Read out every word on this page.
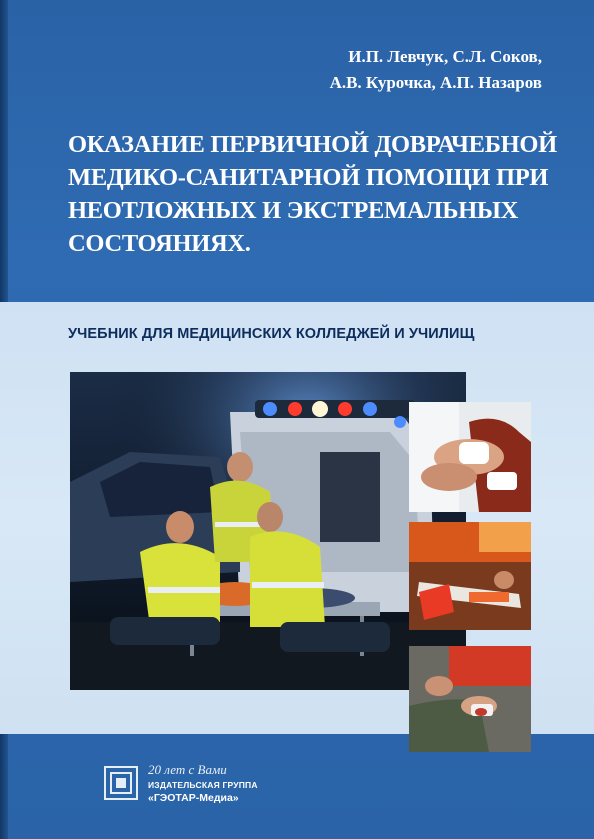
И.П. Левчук, С.Л. Соков,
А.В. Курочка, А.П. Назаров
ОКАЗАНИЕ ПЕРВИЧНОЙ ДОВРАЧЕБНОЙ
МЕДИКО-САНИТАРНОЙ ПОМОЩИ ПРИ
НЕОТЛОЖНЫХ И ЭКСТРЕМАЛЬНЫХ
СОСТОЯНИЯХ.
УЧЕБНИК ДЛЯ МЕДИЦИНСКИХ КОЛЛЕДЖЕЙ И УЧИЛИЩ
20 лет с Вами
ИЗДАТЕЛЬСКАЯ ГРУППА
«ГЭОТАР-Медиа»
